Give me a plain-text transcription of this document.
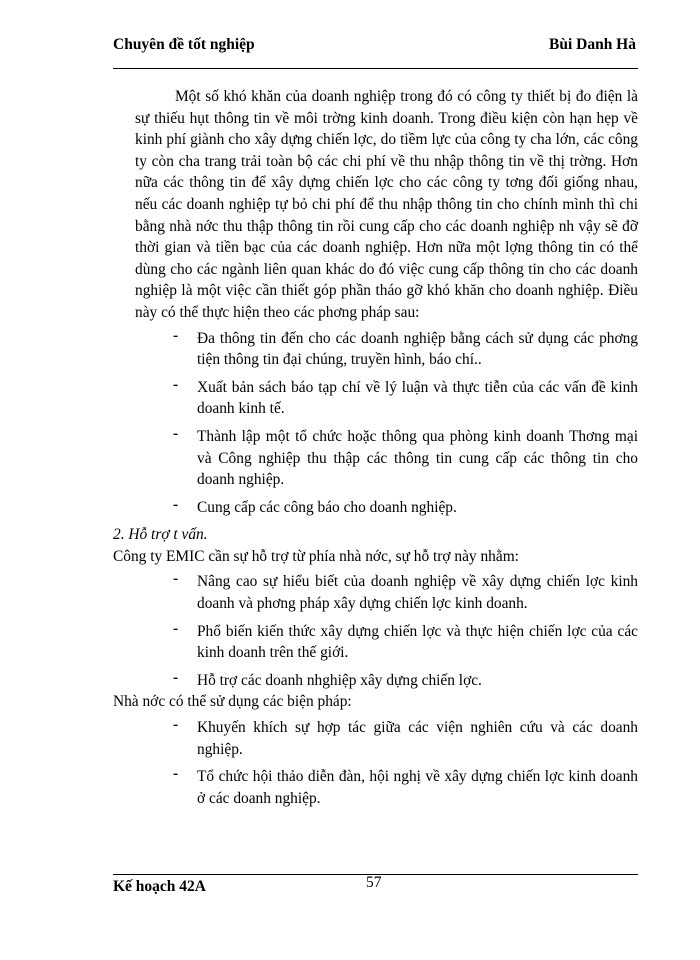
Chuyên đề tốt nghiệp	Bùi Danh Hà

Một số khó khăn của doanh nghiệp trong đó có công ty thiết bị đo điện là sự thiếu hụt thông tin về môi trờng kinh doanh. Trong điều kiện còn hạn hẹp về kinh phí giành cho xây dựng chiến lợc, do tiềm lực của công ty cha lớn, các công ty còn cha trang trải toàn bộ các chi phí về thu nhập thông tin về thị trờng. Hơn nữa các thông tin để xây dựng chiến lợc cho các công ty tơng đối giống nhau, nếu các doanh nghiệp tự bỏ chi phí để thu nhập thông tin cho chính mình thì chi bằng nhà nớc thu thập thông tin rồi cung cấp cho các doanh nghiệp nh vậy sẽ đỡ thời gian và tiền bạc của các doanh nghiệp. Hơn nữa một lợng thông tin có thể dùng cho các ngành liên quan khác do đó việc cung cấp thông tin cho các doanh nghiệp là một việc cần thiết góp phần tháo gỡ khó khăn cho doanh nghiệp. Điều này có thể thực hiện theo các phơng pháp sau:

- Đa thông tin đến cho các doanh nghiệp bằng cách sử dụng các phơng tiện thông tin đại chúng, truyền hình, báo chí..
- Xuất bản sách báo tạp chí về lý luận và thực tiễn của các vấn đề kinh doanh kinh tế.
- Thành lập một tổ chức hoặc thông qua phòng kinh doanh Thơng mại và Công nghiệp thu thập các thông tin cung cấp các thông tin cho doanh nghiệp.
- Cung cấp các công báo cho doanh nghiệp.

2. Hỗ trợ t vấn.

Công ty EMIC cần sự hỗ trợ từ phía nhà nớc, sự hỗ trợ này nhằm:

- Nâng cao sự hiểu biết của doanh nghiệp về xây dựng chiến lợc kinh doanh và phơng pháp xây dựng chiến lợc kinh doanh.
- Phổ biến kiến thức xây dựng chiến lợc và thực hiện chiến lợc của các kinh doanh trên thế giới.
- Hỗ trợ các doanh nhghiệp xây dựng chiến lợc.

Nhà nớc có thể sử dụng các biện pháp:

- Khuyến khích sự hợp tác giữa các viện nghiên cứu và các doanh nghiệp.
- Tổ chức hội thảo diễn đàn, hội nghị về xây dựng chiến lợc kinh doanh ở các doanh nghiệp.
Kế hoạch 42A	57
